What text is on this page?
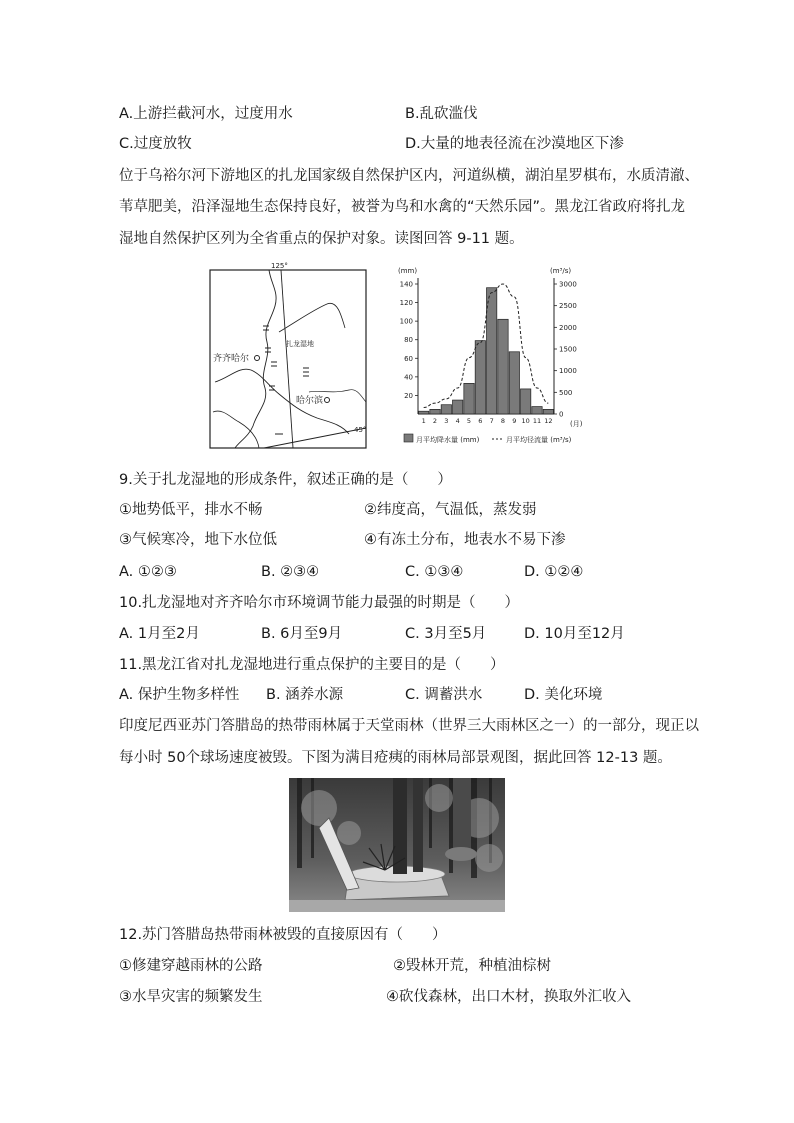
A.上游拦截河水，过度用水	B.乱砍滥伐
C.过度放牧	D.大量的地表径流在沙漠地区下渗
位于乌裕尔河下游地区的扎龙国家级自然保护区内，河道纵横，湖泊星罗棋布，水质清澈、
苇草肥美，沿泽湿地生态保持良好，被誉为鸟和水禽的“天然乐园”。黑龙江省政府将扎龙
湿地自然保护区列为全省重点的保护对象。读图回答 9-11 题。
125°
45°
齐齐哈尔
哈尔滨
扎龙湿地
20
40
60
80
100
120
140
0
500
1000
1500
2000
2500
3000
1 2 3 4 5 6 7 8 9 10 11 12
(mm)	(m³/s)
(月)
月平均降水量 (mm)	月平均径流量 (m³/s)
9.关于扎龙湿地的形成条件，叙述正确的是（　　）
①地势低平，排水不畅	②纬度高，气温低，蒸发弱
③气候寒冷，地下水位低	④有冻土分布，地表水不易下渗
A. ①②③	B. ②③④	C. ①③④	D. ①②④
10.扎龙湿地对齐齐哈尔市环境调节能力最强的时期是（　　）
A. 1月至2月	B. 6月至9月	C. 3月至5月	D. 10月至12月
11.黑龙江省对扎龙湿地进行重点保护的主要目的是（　　）
A. 保护生物多样性 B. 涵养水源	C. 调蓄洪水	D. 美化环境
印度尼西亚苏门答腊岛的热带雨林属于天堂雨林（世界三大雨林区之一）的一部分，现正以
每小时 50个球场速度被毁。下图为满目疮痍的雨林局部景观图，据此回答 12-13 题。
12.苏门答腊岛热带雨林被毁的直接原因有（　　）
①修建穿越雨林的公路	②毁林开荒，种植油棕树
③水旱灾害的频繁发生	④砍伐森林，出口木材，换取外汇收入
